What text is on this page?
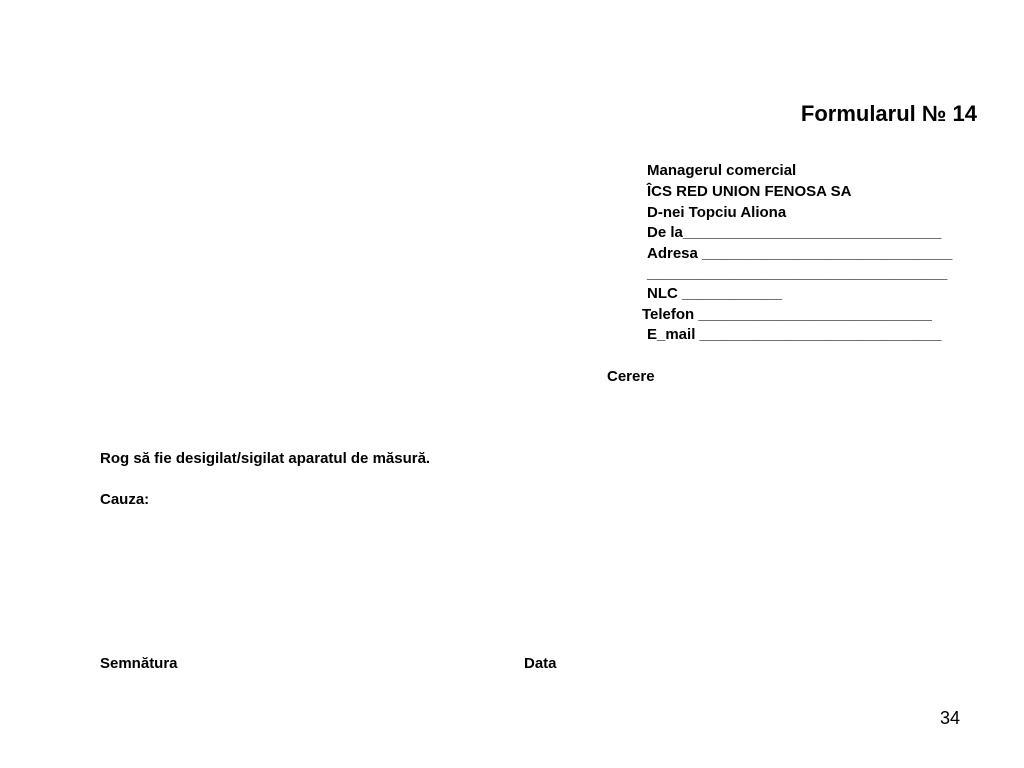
Formularul № 14
Managerul comercial
ÎCS RED UNION FENOSA SA
D-nei Topciu Aliona
De la_______________________________
Adresa ______________________________
____________________________________
NLC ____________
Telefon ____________________________
E_mail _____________________________
Cerere
Rog să fie desigilat/sigilat aparatul de măsură.
Cauza:
Semnătura	Data
34
